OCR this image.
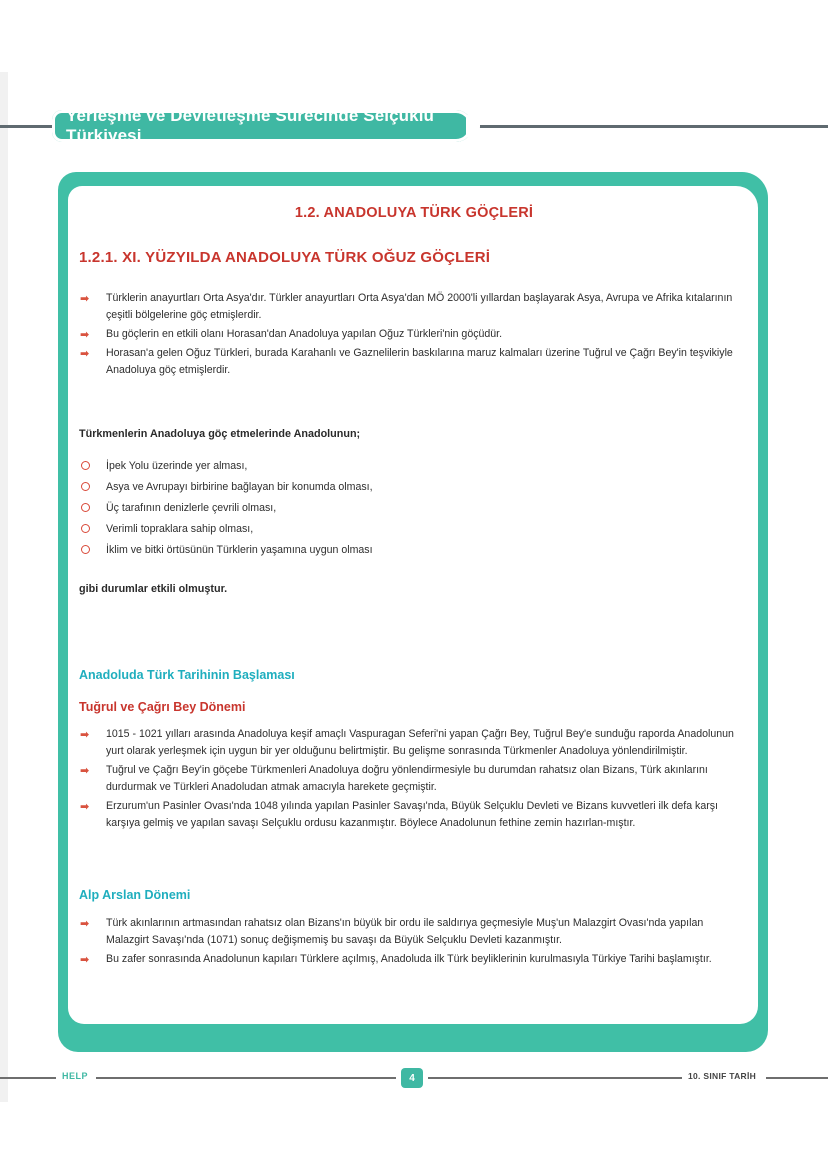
Yerleşme ve Devletleşme Sürecinde Selçuklu Türkiyesi
1.2. ANADOLUYA TÜRK GÖÇLERİ
1.2.1. XI. YÜZYILDA ANADOLUYA TÜRK OĞUZ GÖÇLERİ
➡ Türklerin anayurtları Orta Asya'dır. Türkler anayurtları Orta Asya'dan MÖ 2000'li yıllardan başlayarak Asya, Avrupa ve Afrika kıtalarının çeşitli bölgelerine göç etmişlerdir.
➡ Bu göçlerin en etkili olanı Horasan'dan Anadoluya yapılan Oğuz Türkleri'nin göçüdür.
➡ Horasan'a gelen Oğuz Türkleri, burada Karahanlı ve Gaznelilerin baskılarına maruz kalmaları üzerine Tuğrul ve Çağrı Bey'in teşvikiyle Anadoluya göç etmişlerdir.
Türkmenlerin Anadoluya göç etmelerinde Anadolunun;
İpek Yolu üzerinde yer alması,
Asya ve Avrupayı birbirine bağlayan bir konumda olması,
Üç tarafının denizlerle çevrili olması,
Verimli topraklara sahip olması,
İklim ve bitki örtüsünün Türklerin yaşamına uygun olması
gibi durumlar etkili olmuştur.
Anadoluda Türk Tarihinin Başlaması
Tuğrul ve Çağrı Bey Dönemi
➡ 1015 - 1021 yılları arasında Anadoluya keşif amaçlı Vaspuragan Seferi'ni yapan Çağrı Bey, Tuğrul Bey'e sunduğu raporda Anadolunun yurt olarak yerleşmek için uygun bir yer olduğunu belirtmiştir. Bu gelişme sonrasında Türkmenler Anadoluya yönlendirilmiştir.
➡ Tuğrul ve Çağrı Bey'in göçebe Türkmenleri Anadoluya doğru yönlendirmesiyle bu durumdan rahatsız olan Bizans, Türk akınlarını durdurmak ve Türkleri Anadoludan atmak amacıyla harekete geçmiştir.
➡ Erzurum'un Pasinler Ovası'nda 1048 yılında yapılan Pasinler Savaşı'nda, Büyük Selçuklu Devleti ve Bizans kuvvetleri ilk defa karşı karşıya gelmiş ve yapılan savaşı Selçuklu ordusu kazanmıştır. Böylece Anadolunun fethine zemin hazırlan-mıştır.
Alp Arslan Dönemi
➡ Türk akınlarının artmasından rahatsız olan Bizans'ın büyük bir ordu ile saldırıya geçmesiyle Muş'un Malazgirt Ovası'nda yapılan Malazgirt Savaşı'nda (1071) sonuç değişmemiş bu savaşı da Büyük Selçuklu Devleti kazanmıştır.
➡ Bu zafer sonrasında Anadolunun kapıları Türklere açılmış, Anadoluda ilk Türk beyliklerinin kurulmasıyla Türkiye Tarihi başlamıştır.
HELP	4	10. SINIF TARİH
